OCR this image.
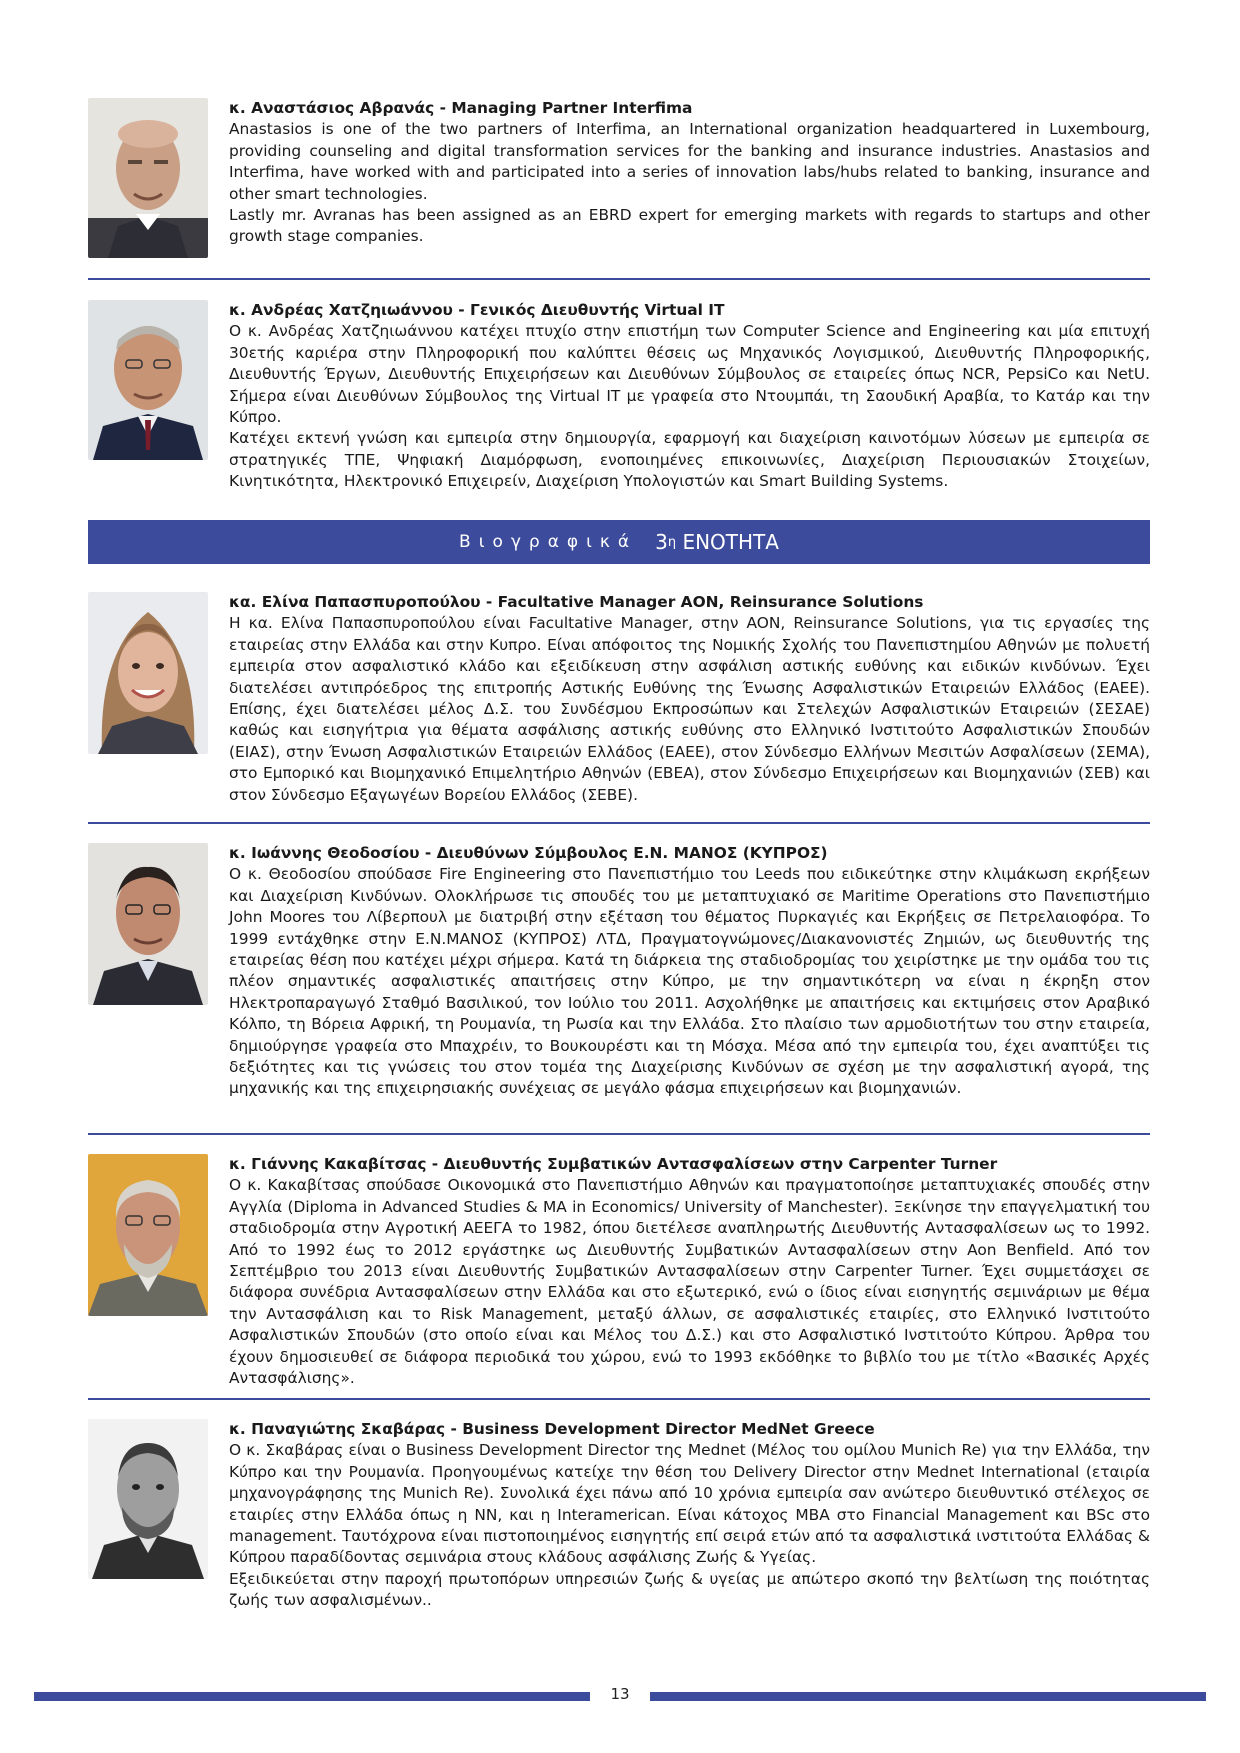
κ. Αναστάσιος Αβρανάς - Managing Partner Interfima

Anastasios is one of the two partners of Interfima, an International organization headquartered in Luxembourg, providing counseling and digital transformation services for the banking and insurance industries. Anastasios and Interfima, have worked with and participated into a series of innovation labs/hubs related to banking, insurance and other smart technologies.

Lastly mr. Avranas has been assigned as an EBRD expert for emerging markets with regards to startups and other growth stage companies.

κ. Ανδρέας Χατζηιωάννου - Γενικός Διευθυντής Virtual IT

Ο κ. Ανδρέας Χατζηιωάννου κατέχει πτυχίο στην επιστήμη των Computer Science and Engineering και μία επιτυχή 30ετής καριέρα στην Πληροφορική που καλύπτει θέσεις ως Μηχανικός Λογισμικού, Διευθυντής Πληροφορικής, Διευθυντής Έργων, Διευθυντής Επιχειρήσεων και Διευθύνων Σύμβουλος σε εταιρείες όπως NCR, PepsiCo και NetU. Σήμερα είναι Διευθύνων Σύμβουλος της Virtual IT με γραφεία στο Ντουμπάι, τη Σαουδική Αραβία, το Κατάρ και την Κύπρο.

Κατέχει εκτενή γνώση και εμπειρία στην δημιουργία, εφαρμογή και διαχείριση καινοτόμων λύσεων με εμπειρία σε στρατηγικές ΤΠΕ, Ψηφιακή Διαμόρφωση, ενοποιημένες επικοινωνίες, Διαχείριση Περιουσιακών Στοιχείων, Κινητικότητα, Ηλεκτρονικό Επιχειρείν, Διαχείριση Υπολογιστών και Smart Building Systems.

Βιογραφικά 3 η
ΕΝΟΤΗΤΑ
κα. Ελίνα Παπασπυροπούλου - Facultative Manager AON, Reinsurance Solutions

Η κα. Ελίνα Παπασπυροπούλου είναι Facultative Manager, στην AON, Reinsurance Solutions, για τις εργασίες της εταιρείας στην Ελλάδα και στην Κυπρο. Είναι απόφοιτος της Νομικής Σχολής του Πανεπιστημίου Αθηνών με πολυετή εμπειρία στον ασφαλιστικό κλάδο και εξειδίκευση στην ασφάλιση αστικής ευθύνης και ειδικών κινδύνων. Έχει διατελέσει αντιπρόεδρος της επιτροπής Αστικής Ευθύνης της Ένωσης Ασφαλιστικών Εταιρειών Ελλάδος (ΕΑΕΕ). Επίσης, έχει διατελέσει μέλος Δ.Σ. του Συνδέσμου Εκπροσώπων και Στελεχών Ασφαλιστικών Εταιρειών (ΣΕΣΑΕ) καθώς και εισηγήτρια για θέματα ασφάλισης αστικής ευθύνης στο Ελληνικό Ινστιτούτο Ασφαλιστικών Σπουδών (ΕΙΑΣ), στην Ένωση Ασφαλιστικών Εταιρειών Ελλάδος (ΕΑΕΕ), στον Σύνδεσμο Ελλήνων Μεσιτών Ασφαλίσεων (ΣΕΜΑ), στο Εμπορικό και Βιομηχανικό Επιμελητήριο Αθηνών (ΕΒΕΑ), στον Σύνδεσμο Επιχειρήσεων και Βιομηχανιών (ΣΕΒ) και στον Σύνδεσμο Εξαγωγέων Βορείου Ελλάδος (ΣΕΒΕ).

κ. Ιωάννης Θεοδοσίου - Διευθύνων Σύμβουλος Ε.Ν. ΜΑΝΟΣ (ΚΥΠΡΟΣ)

Ο κ. Θεοδοσίου σπούδασε Fire Engineering στο Πανεπιστήμιο του Leeds που ειδικεύτηκε στην κλιμάκωση εκρήξεων και Διαχείριση Κινδύνων. Ολοκλήρωσε τις σπουδές του με μεταπτυχιακό σε Maritime Operations στο Πανεπιστήμιο John Moores του Λίβερπουλ με διατριβή στην εξέταση του θέματος Πυρκαγιές και Εκρήξεις σε Πετρελαιοφόρα. Το 1999 εντάχθηκε στην Ε.Ν.ΜΑΝΟΣ (ΚΥΠΡΟΣ) ΛΤΔ, Πραγματογνώμονες/Διακανονιστές Ζημιών, ως διευθυντής της εταιρείας θέση που κατέχει μέχρι σήμερα. Κατά τη διάρκεια της σταδιοδρομίας του χειρίστηκε με την ομάδα του τις πλέον σημαντικές ασφαλιστικές απαιτήσεις στην Κύπρο, με την σημαντικότερη να είναι η έκρηξη στον Ηλεκτροπαραγωγό Σταθμό Βασιλικού, τον Ιούλιο του 2011. Ασχολήθηκε με απαιτήσεις και εκτιμήσεις στον Αραβικό Κόλπο, τη Βόρεια Αφρική, τη Ρουμανία, τη Ρωσία και την Ελλάδα. Στο πλαίσιο των αρμοδιοτήτων του στην εταιρεία, δημιούργησε γραφεία στο Μπαχρέιν, το Βουκουρέστι και τη Μόσχα. Μέσα από την εμπειρία του, έχει αναπτύξει τις δεξιότητες και τις γνώσεις του στον τομέα της Διαχείρισης Κινδύνων σε σχέση με την ασφαλιστική αγορά, της μηχανικής και της επιχειρησιακής συνέχειας σε μεγάλο φάσμα επιχειρήσεων και βιομηχανιών.

κ. Γιάννης Κακαβίτσας - Διευθυντής Συμβατικών Αντασφαλίσεων στην Carpenter Turner

Ο κ. Κακαβίτσας σπούδασε Οικονομικά στο Πανεπιστήμιο Αθηνών και πραγματοποίησε μεταπτυχιακές σπουδές στην Αγγλία (Diploma in Advanced Studies & MA in Economics/ University of Manchester). Ξεκίνησε την επαγγελματική του σταδιοδρομία στην Αγροτική ΑΕΕΓΑ το 1982, όπου διετέλεσε αναπληρωτής Διευθυντής Αντασφαλίσεων ως το 1992. Από το 1992 έως το 2012 εργάστηκε ως Διευθυντής Συμβατικών Αντασφαλίσεων στην Aon Benfield. Από τον Σεπτέμβριο του 2013 είναι Διευθυντής Συμβατικών Αντασφαλίσεων στην Carpenter Turner. Έχει συμμετάσχει σε διάφορα συνέδρια Αντασφαλίσεων στην Ελλάδα και στο εξωτερικό, ενώ ο ίδιος είναι εισηγητής σεμινάριων με θέμα την Αντασφάλιση και το Risk Management, μεταξύ άλλων, σε ασφαλιστικές εταιρίες, στο Ελληνικό Ινστιτούτο Ασφαλιστικών Σπουδών (στο οποίο είναι και Μέλος του Δ.Σ.) και στο Ασφαλιστικό Ινστιτούτο Κύπρου. Άρθρα του έχουν δημοσιευθεί σε διάφορα περιοδικά του χώρου, ενώ το 1993 εκδόθηκε το βιβλίο του με τίτλο «Βασικές Αρχές Αντασφάλισης».

κ. Παναγιώτης Σκαβάρας - Business Development Director MedNet Greece

Ο κ. Σκαβάρας είναι ο Business Development Director της Mednet (Μέλος του ομίλου Munich Re) για την Ελλάδα, την Κύπρο και την Ρουμανία. Προηγουμένως κατείχε την θέση του Delivery Director στην Mednet International (εταιρία μηχανογράφησης της Munich Re). Συνολικά έχει πάνω από 10 χρόνια εμπειρία σαν ανώτερο διευθυντικό στέλεχος σε εταιρίες στην Ελλάδα όπως η ΝΝ, και η Interamerican. Είναι κάτοχος MBA στο Financial Management και BSc στο management. Ταυτόχρονα είναι πιστοποιημένος εισηγητής επί σειρά ετών από τα ασφαλιστικά ινστιτούτα Ελλάδας & Κύπρου παραδίδοντας σεμινάρια στους κλάδους ασφάλισης Ζωής & Υγείας.

Εξειδικεύεται στην παροχή πρωτοπόρων υπηρεσιών ζωής & υγείας με απώτερο σκοπό την βελτίωση της ποιότητας ζωής των ασφαλισμένων..

13
